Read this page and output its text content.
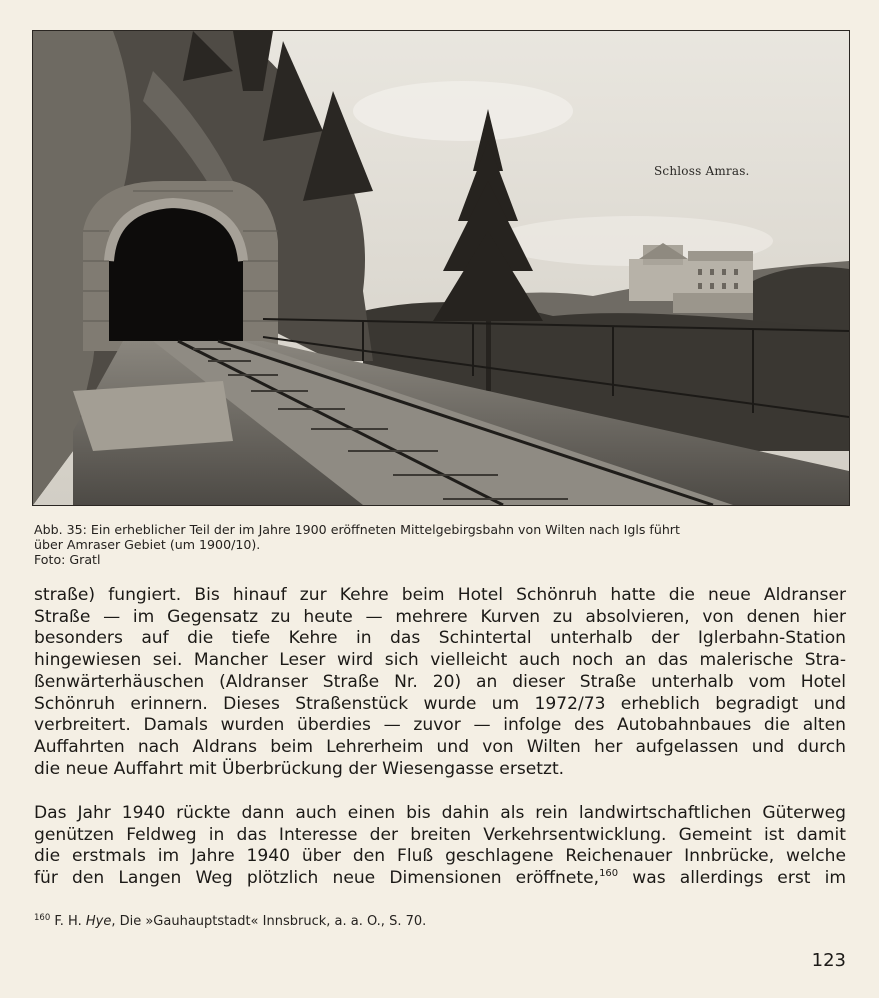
Schloss Amras.
Abb. 35: Ein erheblicher Teil der im Jahre 1900 eröffneten Mittelgebirgsbahn von Wilten nach Igls führt
über Amraser Gebiet (um 1900/10).
Foto: Gratl
straße) fungiert. Bis hinauf zur Kehre beim Hotel Schönruh hatte die neue Aldranser
Straße — im Gegensatz zu heute — mehrere Kurven zu absolvieren, von denen hier
besonders auf die tiefe Kehre in das Schintertal unterhalb der Iglerbahn-Station
hingewiesen sei. Mancher Leser wird sich vielleicht auch noch an das malerische Stra-
ßenwärterhäuschen (Aldranser Straße Nr. 20) an dieser Straße unterhalb vom Hotel
Schönruh erinnern. Dieses Straßenstück wurde um 1972/73 erheblich begradigt und
verbreitert. Damals wurden überdies — zuvor — infolge des Autobahnbaues die alten
Auffahrten nach Aldrans beim Lehrerheim und von Wilten her aufgelassen und durch
die neue Auffahrt mit Überbrückung der Wiesengasse ersetzt.
Das Jahr 1940 rückte dann auch einen bis dahin als rein landwirtschaftlichen Güterweg
genützen Feldweg in das Interesse der breiten Verkehrsentwicklung. Gemeint ist damit
die erstmals im Jahre 1940 über den Fluß geschlagene Reichenauer Innbrücke, welche
für den Langen Weg plötzlich neue Dimensionen eröffnete,$^{160}$ was allerdings erst im
$^{160}$ F. H. Hye, Die »Gauhauptstadt« Innsbruck, a. a. O., S. 70.
123
